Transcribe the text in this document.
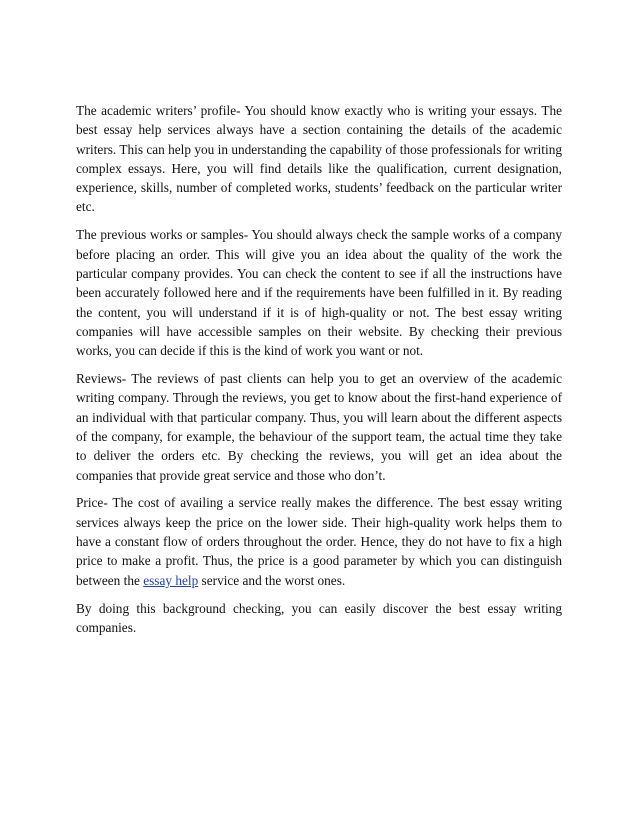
The academic writers’ profile- You should know exactly who is writing your essays. The best essay help services always have a section containing the details of the academic writers. This can help you in understanding the capability of those professionals for writing complex essays. Here, you will find details like the qualification, current designation, experience, skills, number of completed works, students’ feedback on the particular writer etc.

The previous works or samples- You should always check the sample works of a company before placing an order. This will give you an idea about the quality of the work the particular company provides. You can check the content to see if all the instructions have been accurately followed here and if the requirements have been fulfilled in it. By reading the content, you will understand if it is of high-quality or not. The best essay writing companies will have accessible samples on their website. By checking their previous works, you can decide if this is the kind of work you want or not.

Reviews- The reviews of past clients can help you to get an overview of the academic writing company. Through the reviews, you get to know about the first-hand experience of an individual with that particular company. Thus, you will learn about the different aspects of the company, for example, the behaviour of the support team, the actual time they take to deliver the orders etc. By checking the reviews, you will get an idea about the companies that provide great service and those who don’t.

Price- The cost of availing a service really makes the difference. The best essay writing services always keep the price on the lower side. Their high-quality work helps them to have a constant flow of orders throughout the order. Hence, they do not have to fix a high price to make a profit. Thus, the price is a good parameter by which you can distinguish between the essay help service and the worst ones.

By doing this background checking, you can easily discover the best essay writing companies.
